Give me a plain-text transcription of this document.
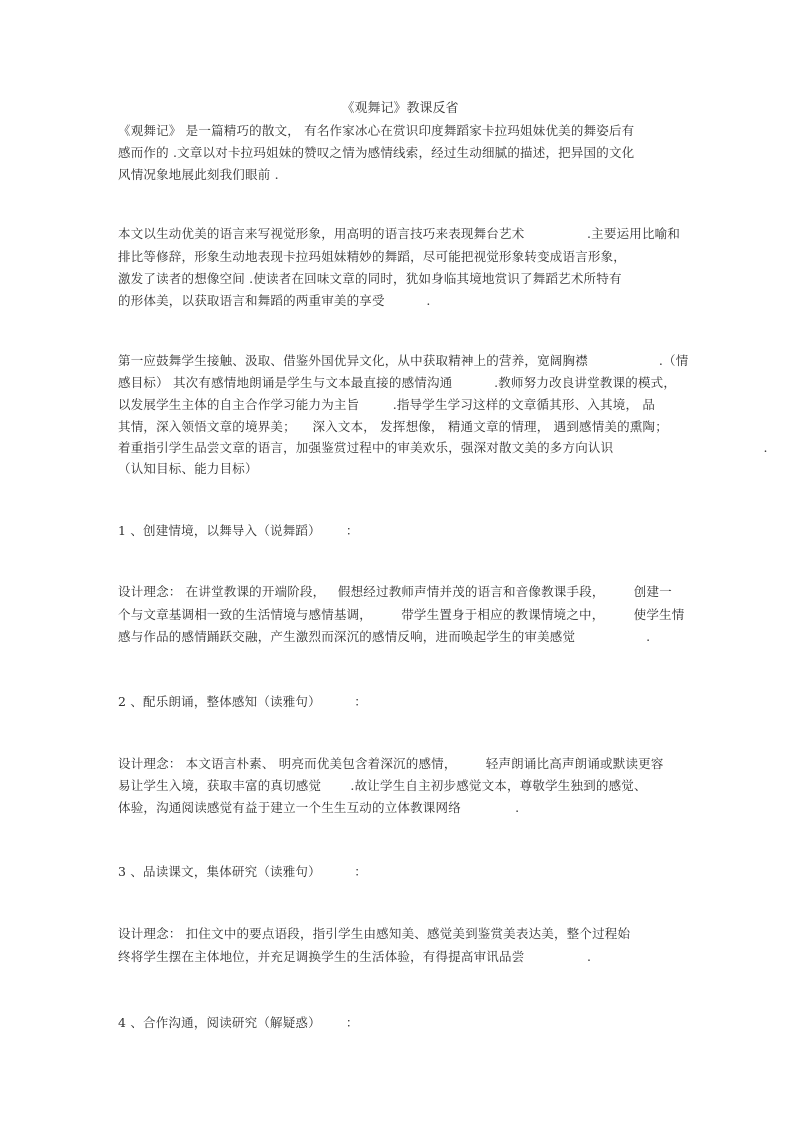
《观舞记》教课反省
《观舞记》 是一篇精巧的散文， 有名作家冰心在赏识印度舞蹈家卡拉玛姐妹优美的舞姿后有
感而作的 .文章以对卡拉玛姐妹的赞叹之情为感情线索，经过生动细腻的描述，把异国的文化
风情况象地展此刻我们眼前 .
本文以生动优美的语言来写视觉形象，用高明的语言技巧来表现舞台艺术               .主要运用比喻和
排比等修辞，形象生动地表现卡拉玛姐妹精妙的舞蹈，尽可能把视觉形象转变成语言形象，
激发了读者的想像空间 .使读者在回味文章的同时，犹如身临其境地赏识了舞蹈艺术所特有
的形体美，以获取语言和舞蹈的两重审美的享受          .
第一应鼓舞学生接触、汲取、借鉴外国优异文化，从中获取精神上的营养，宽阔胸襟                 .（情
感目标） 其次有感情地朗诵是学生与文本最直接的感情沟通          .教师努力改良讲堂教课的模式，
以发展学生主体的自主合作学习能力为主旨        .指导学生学习这样的文章循其形、入其境， 品
其情，深入领悟文章的境界美；    深入文本， 发挥想像， 精通文章的情理， 遇到感情美的熏陶；
着重指引学生品尝文章的语言，加强鉴赏过程中的审美欢乐，强深对散文美的多方向认识                                    .
（认知目标、能力目标）
1 、创建情境，以舞导入（说舞蹈）      ：
设计理念： 在讲堂教课的开端阶段，   假想经过教师声情并茂的语言和音像教课手段，       创建一
个与文章基调相一致的生活情境与感情基调，       带学生置身于相应的教课情境之中，       使学生情
感与作品的感情踊跃交融，产生激烈而深沉的感情反响，进而唤起学生的审美感觉                 .
2 、配乐朗诵，整体感知（读雅句）        ：
设计理念： 本文语言朴素、 明亮而优美包含着深沉的感情，       轻声朗诵比高声朗诵或默读更容
易让学生入境，获取丰富的真切感觉       .故让学生自主初步感觉文本，尊敬学生独到的感觉、
体验，沟通阅读感觉有益于建立一个生生互动的立体教课网络             .
3 、品读课文，集体研究（读雅句）        ：
设计理念： 扣住文中的要点语段，指引学生由感知美、感觉美到鉴赏美表达美，整个过程始
终将学生摆在主体地位，并充足调换学生的生活体验，有得提高审讯品尝               .
4 、合作沟通，阅读研究（解疑惑）      ：
